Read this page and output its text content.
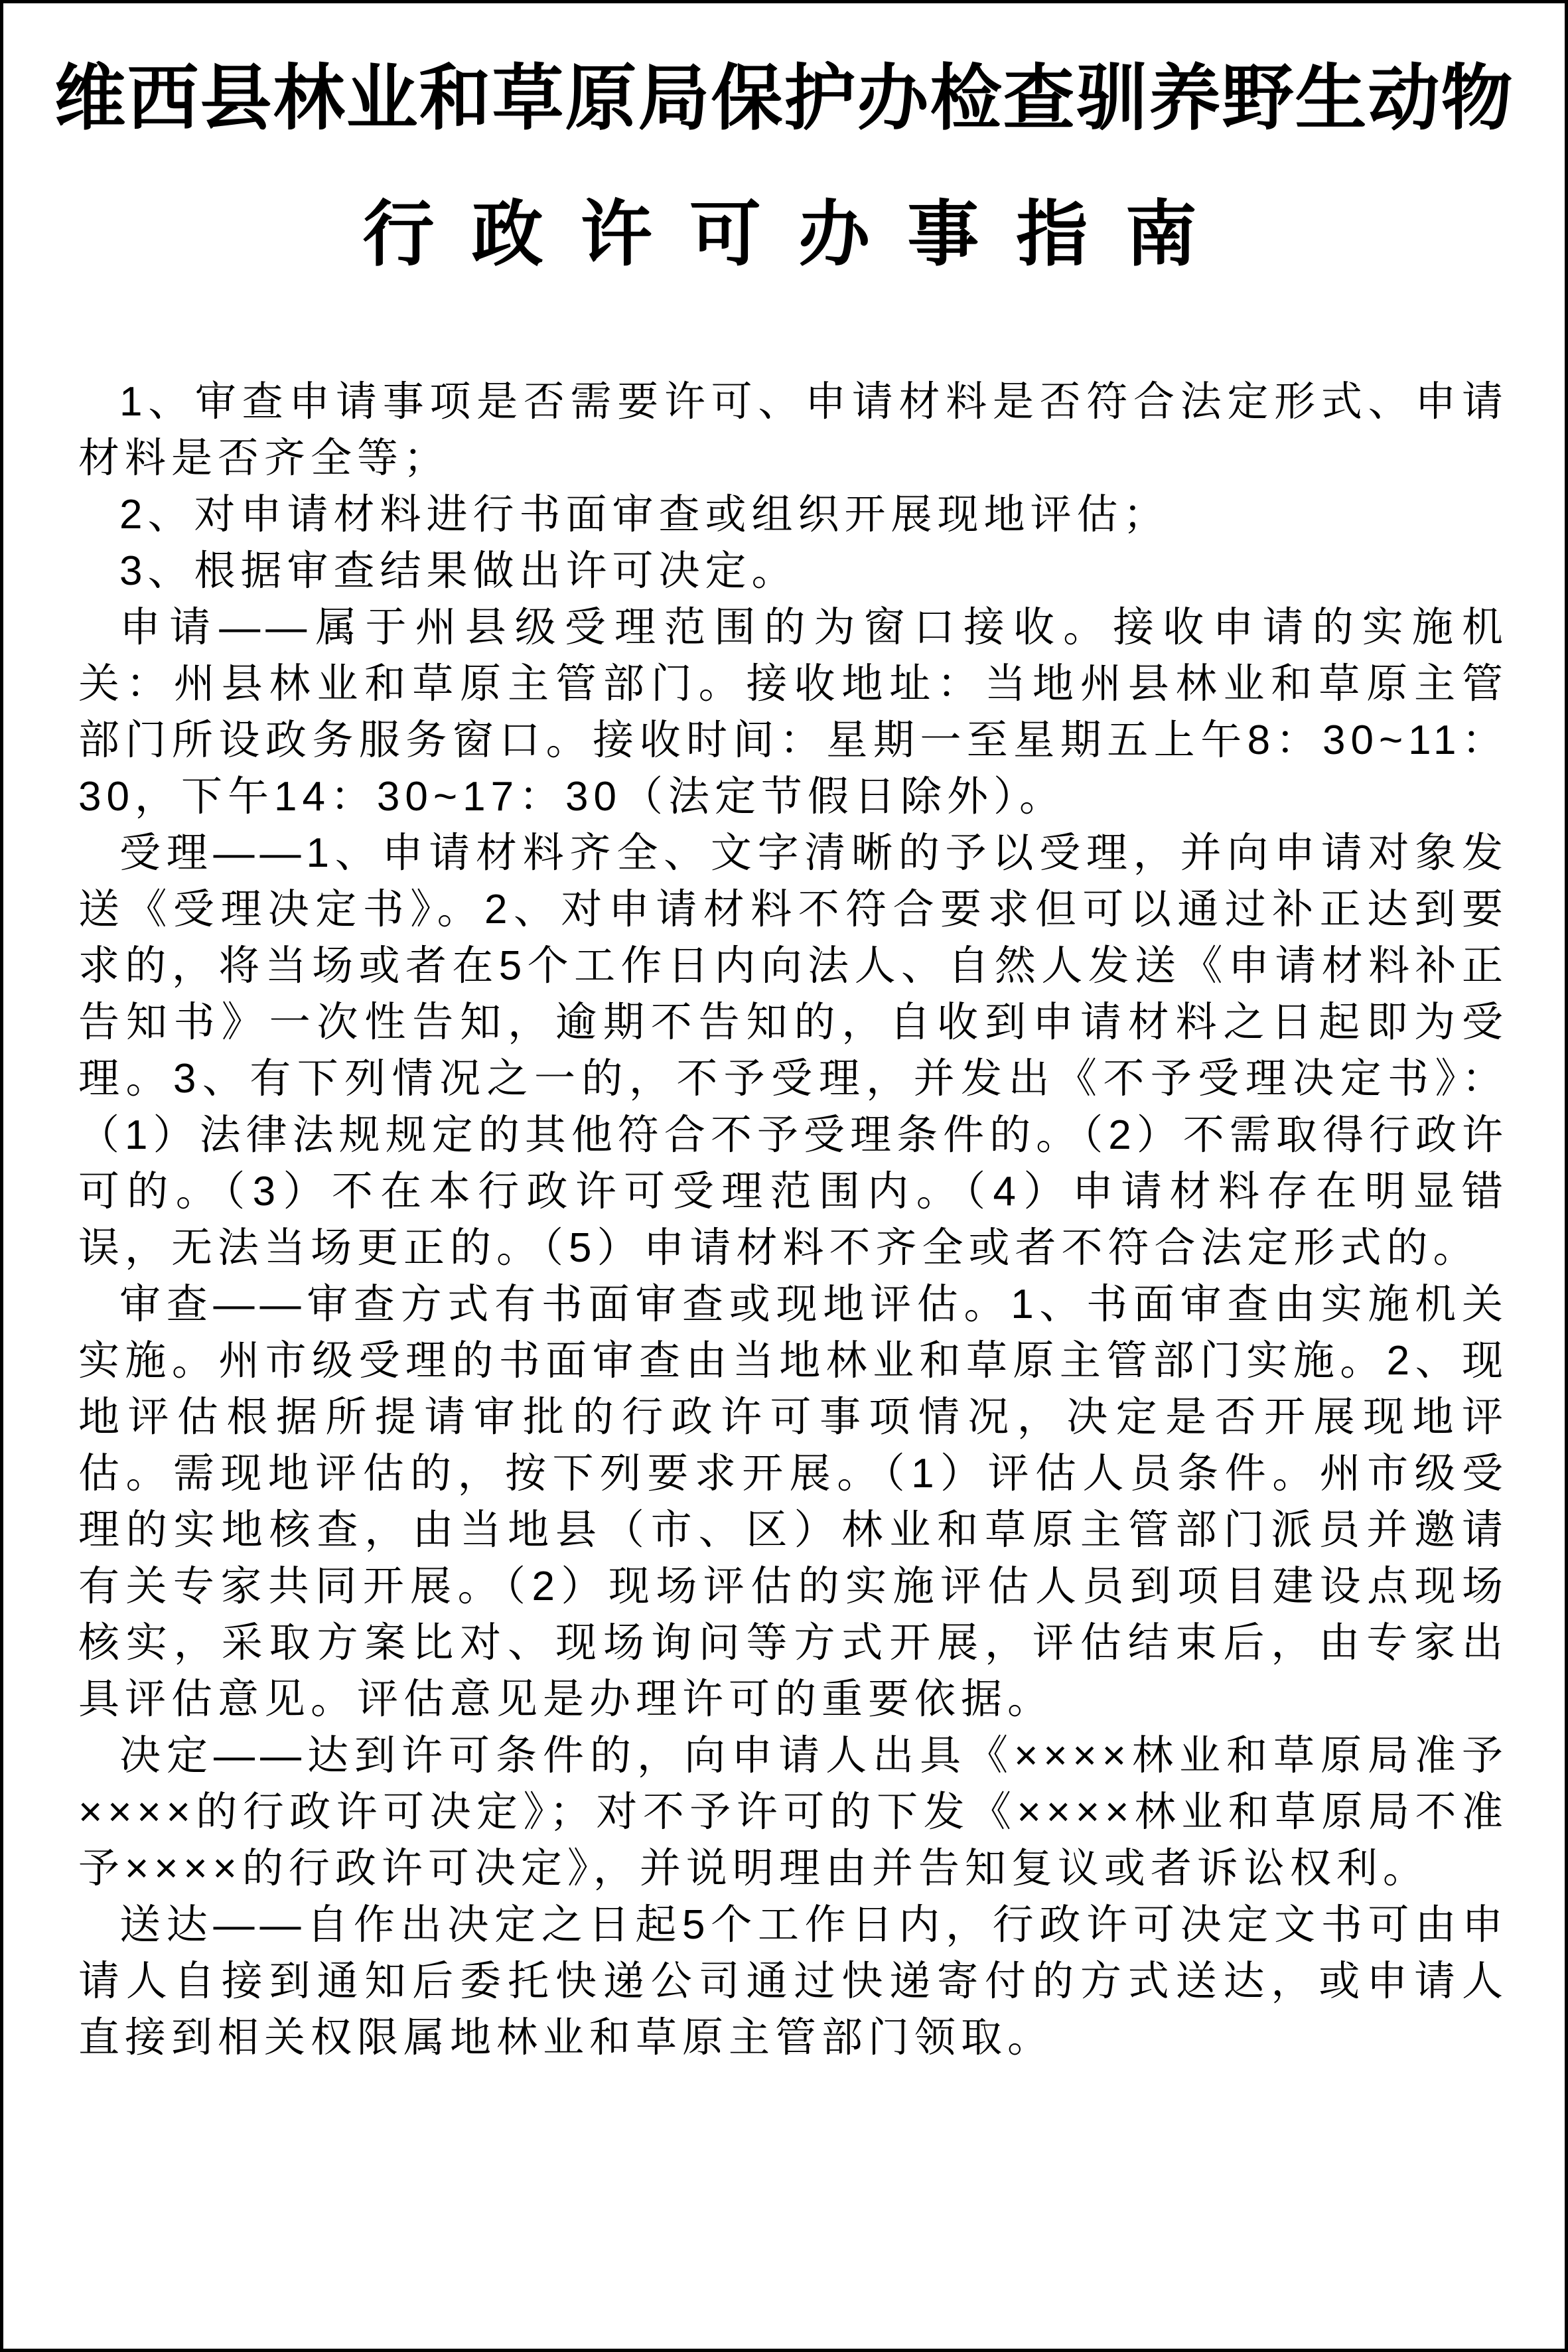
维西县林业和草原局保护办检查驯养野生动物
行政许可办事指南

1、审查申请事项是否需要许可、申请材料是否符合法定形式、申请材料是否齐全等；

2、对申请材料进行书面审查或组织开展现地评估；

3、根据审查结果做出许可决定。

申请——属于州县级受理范围的为窗口接收。接收申请的实施机关：州县林业和草原主管部门。接收地址：当地州县林业和草原主管部门所设政务服务窗口。接收时间：星期一至星期五上午8：30~11：30，下午14：30~17：30（法定节假日除外）。

受理——1、申请材料齐全、文字清晰的予以受理，并向申请对象发送《受理决定书》。2、对申请材料不符合要求但可以通过补正达到要求的，将当场或者在5个工作日内向法人、自然人发送《申请材料补正告知书》一次性告知，逾期不告知的，自收到申请材料之日起即为受理。3、有下列情况之一的，不予受理，并发出《不予受理决定书》：（1）法律法规规定的其他符合不予受理条件的。（2）不需取得行政许可的。（3）不在本行政许可受理范围内。（4）申请材料存在明显错误，无法当场更正的。（5）申请材料不齐全或者不符合法定形式的。

审查——审查方式有书面审查或现地评估。1、书面审查由实施机关实施。州市级受理的书面审查由当地林业和草原主管部门实施。2、现地评估根据所提请审批的行政许可事项情况，决定是否开展现地评估。需现地评估的，按下列要求开展。（1）评估人员条件。州市级受理的实地核查，由当地县（市、区）林业和草原主管部门派员并邀请有关专家共同开展。（2）现场评估的实施评估人员到项目建设点现场核实，采取方案比对、现场询问等方式开展，评估结束后，由专家出具评估意见。评估意见是办理许可的重要依据。

决定——达到许可条件的，向申请人出具《××××林业和草原局准予××××的行政许可决定》；对不予许可的下发《××××林业和草原局不准予××××的行政许可决定》，并说明理由并告知复议或者诉讼权利。

送达——自作出决定之日起5个工作日内，行政许可决定文书可由申请人自接到通知后委托快递公司通过快递寄付的方式送达，或申请人直接到相关权限属地林业和草原主管部门领取。
